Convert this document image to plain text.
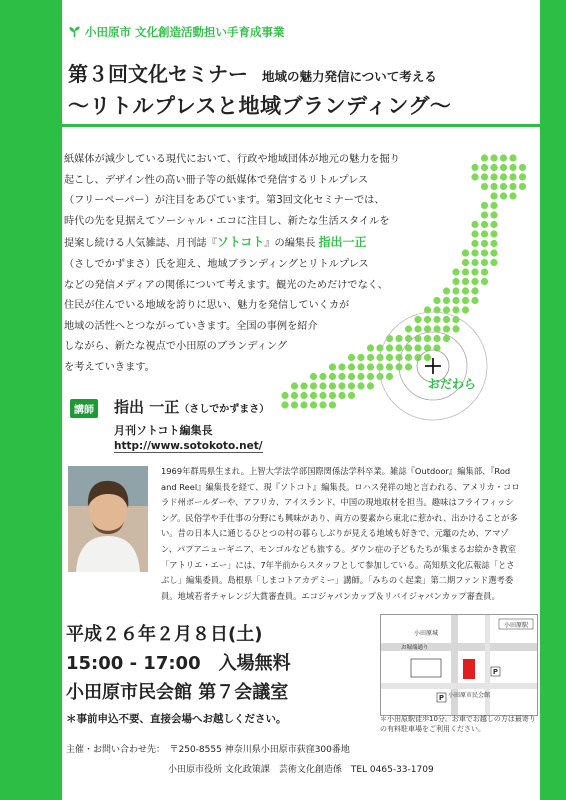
小田原市 文化創造活動担い手育成事業
第３回文化セミナー 地域の魅力発信について考える
～リトルプレスと地域ブランディング～

紙媒体が減少している現代において、行政や地域団体が地元の魅力を掘り

起こし、デザイン性の高い冊子等の紙媒体で発信するリトルプレス

（フリーペーパー）が注目をあびています。第3回文化セミナーでは、

時代の先を見据えてソーシャル・エコに注目し、新たな生活スタイルを

提案し続ける人気雑誌、月刊誌『ソトコト』の編集長 指出一正

（さしでかずまさ）氏を迎え、地域ブランディングとリトルプレス

などの発信メディアの関係について考えます。観光のためだけでなく、

住民が住んでいる地域を誇りに思い、魅力を発信していくカが

地域の活性へとつながっていきます。全国の事例を紹介

しながら、新たな視点で小田原のブランディング

を考えていきます。

おだわら
講師 指出 一正（さしでかずまさ）
月刊ソトコト編集長
http://www.sotokoto.net/

1969年群馬県生まれ。上智大学法学部国際関係法学科卒業。雑誌『Outdoor』編集部、『Rod

and Reel』編集長を経て、現『ソトコト』編集長。ロハス発祥の地と言われる、アメリカ・コロ

ラド州ボールダーや、アフリカ、アイスランド、中国の現地取材を担当。趣味はフライフィッシ

ング。民俗学や手仕事の分野にも興味があり、両方の要素から東北に惹かれ、出かけることが多

い。昔の日本人に通じるひとつの村の暮らしぶりが見える地域も好きで、元竈のため、アマゾ

ン、パプアニューギニア、モンゴルなども旅する。ダウン症の子どもたちが集まるお絵かき教室

「アトリエ・エー」には、7年半前からスタッフとして参加している。高知県文化広報誌「とさ

ぶし」編集委員。島根県「しまコトアカデミー」講師。「みちのく起業」第二期ファンド選考委

員。地域若者チャレンジ大賞審査員。エコジャパンカップ＆リバイジャパンカップ審査員。

平成２６年２月８日(土)
15:00 - 17:00 入場無料
小田原市民会館 第７会議室
＊事前申込不要、直接会場へお越しください。
主催・お問い合わせ先：　〒250-8555 神奈川県小田原市荻窪300番地
小田原市役所 文化政策課　芸術文化創造係　TEL 0465-33-1709
小田原駅
小田原城
お堀端通り
小田原市民会館
P
P
＊小田原駅徒歩10分。お車でお越しの方は最寄りの有料駐車場をご利用ください。
